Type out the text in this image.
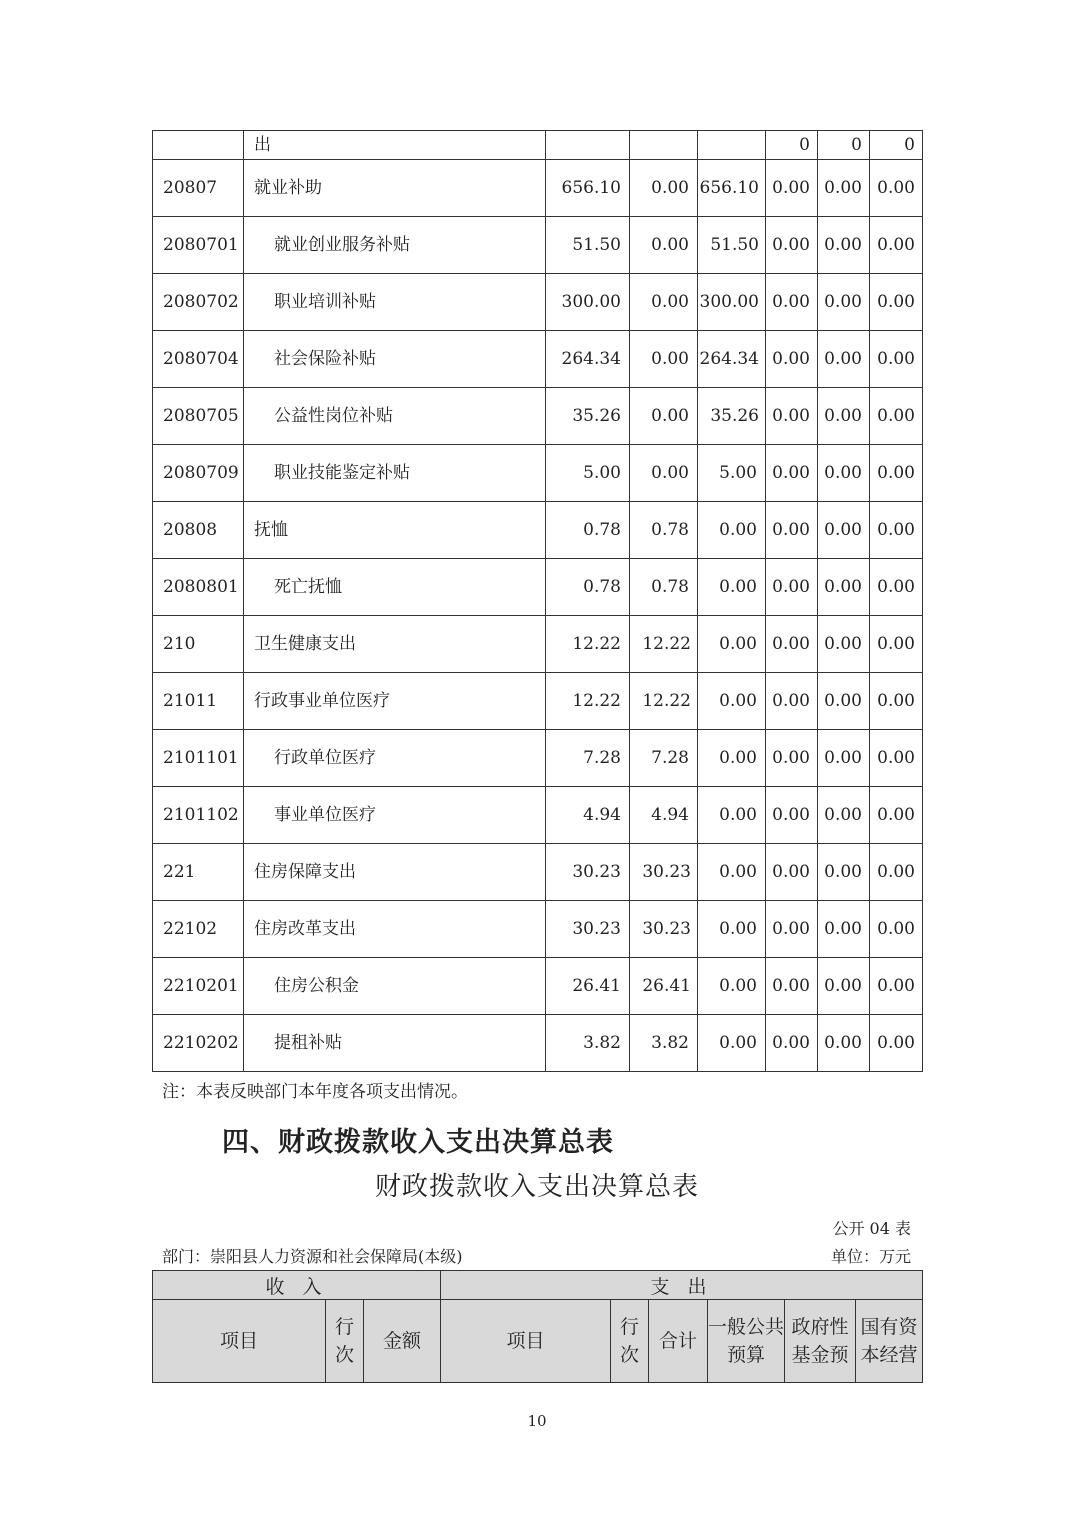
	出				0	0	0
20807	就业补助	656.10	0.00	656.10	0.00	0.00	0.00
2080701	就业创业服务补贴	51.50	0.00	51.50	0.00	0.00	0.00
2080702	职业培训补贴	300.00	0.00	300.00	0.00	0.00	0.00
2080704	社会保险补贴	264.34	0.00	264.34	0.00	0.00	0.00
2080705	公益性岗位补贴	35.26	0.00	35.26	0.00	0.00	0.00
2080709	职业技能鉴定补贴	5.00	0.00	5.00	0.00	0.00	0.00
20808	抚恤	0.78	0.78	0.00	0.00	0.00	0.00
2080801	死亡抚恤	0.78	0.78	0.00	0.00	0.00	0.00
210	卫生健康支出	12.22	12.22	0.00	0.00	0.00	0.00
21011	行政事业单位医疗	12.22	12.22	0.00	0.00	0.00	0.00
2101101	行政单位医疗	7.28	7.28	0.00	0.00	0.00	0.00
2101102	事业单位医疗	4.94	4.94	0.00	0.00	0.00	0.00
221	住房保障支出	30.23	30.23	0.00	0.00	0.00	0.00
22102	住房改革支出	30.23	30.23	0.00	0.00	0.00	0.00
2210201	住房公积金	26.41	26.41	0.00	0.00	0.00	0.00
2210202	提租补贴	3.82	3.82	0.00	0.00	0.00	0.00
注：本表反映部门本年度各项支出情况。
四、财政拨款收入支出决算总表
财政拨款收入支出决算总表
公开 04 表
部门：崇阳县人力资源和社会保障局(本级)	单位：万元
收 入			支 出					
项目	行次	金额	项目	行次	合计	一般公共预算	政府性基金预	国有资本经营
10
